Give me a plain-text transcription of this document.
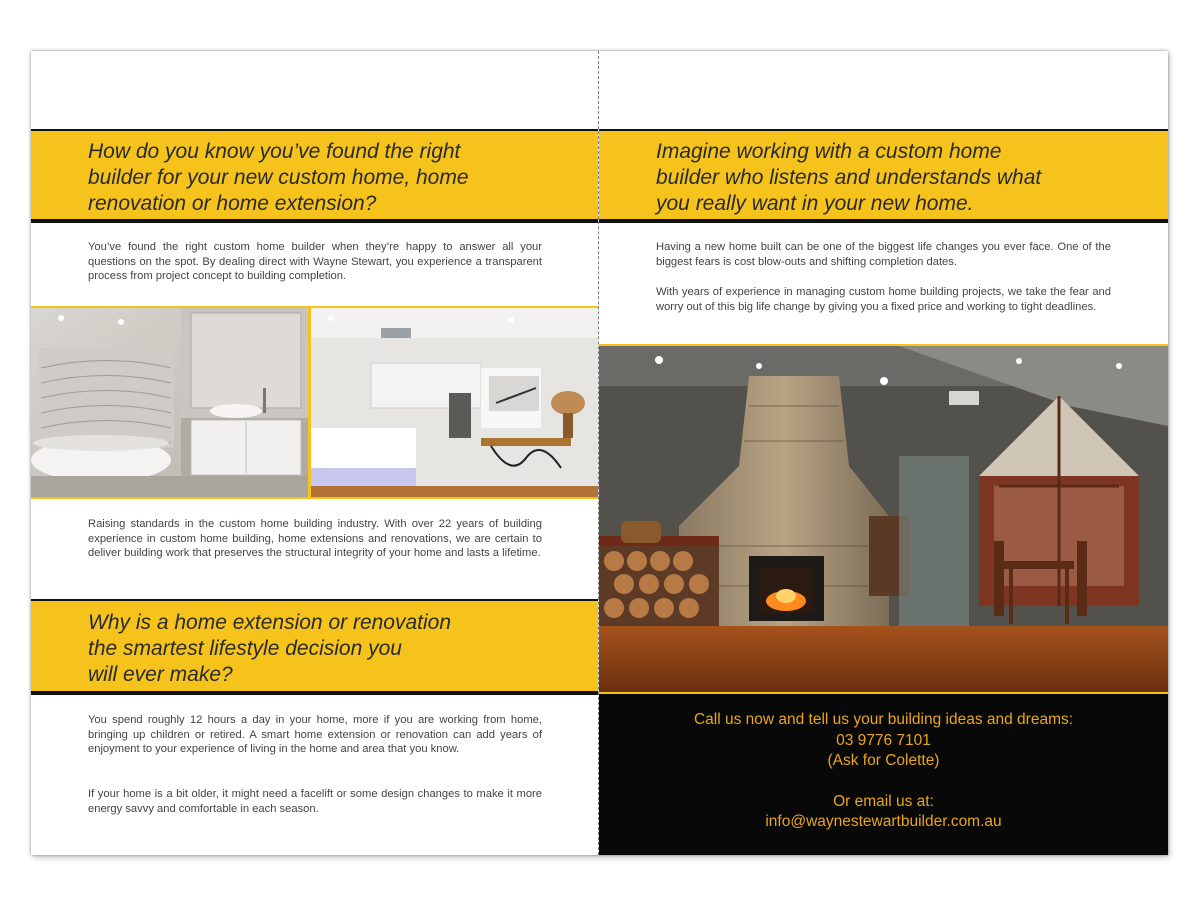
How do you know you’ve found the right
builder for your new custom home, home
renovation or home extension?

You’ve found the right custom home builder when they’re happy to answer all your questions on the spot. By dealing direct with Wayne Stewart, you experience a transparent process from project concept to building completion.

Raising standards in the custom home building industry. With over 22 years of building experience in custom home building, home extensions and renovations, we are certain to deliver building work that preserves the structural integrity of your home and lasts a lifetime.

Why is a home extension or renovation
the smartest lifestyle decision you
will ever make?

You spend roughly 12 hours a day in your home, more if you are working from home, bringing up children or retired. A smart home extension or renovation can add years of enjoyment to your experience of living in the home and area that you know.

If your home is a bit older, it might need a facelift or some design changes to make it more energy savvy and comfortable in each season.

Imagine working with a custom home
builder who listens and understands what
you really want in your new home.

Having a new home built can be one of the biggest life changes you ever face. One of the biggest fears is cost blow-outs and shifting completion dates.

With years of experience in managing custom home building projects, we take the fear and worry out of this big life change by giving you a fixed price and working to tight deadlines.

Call us now and tell us your building ideas and dreams:
03 9776 7101
(Ask for Colette)
Or email us at:
info@waynestewartbuilder.com.au
